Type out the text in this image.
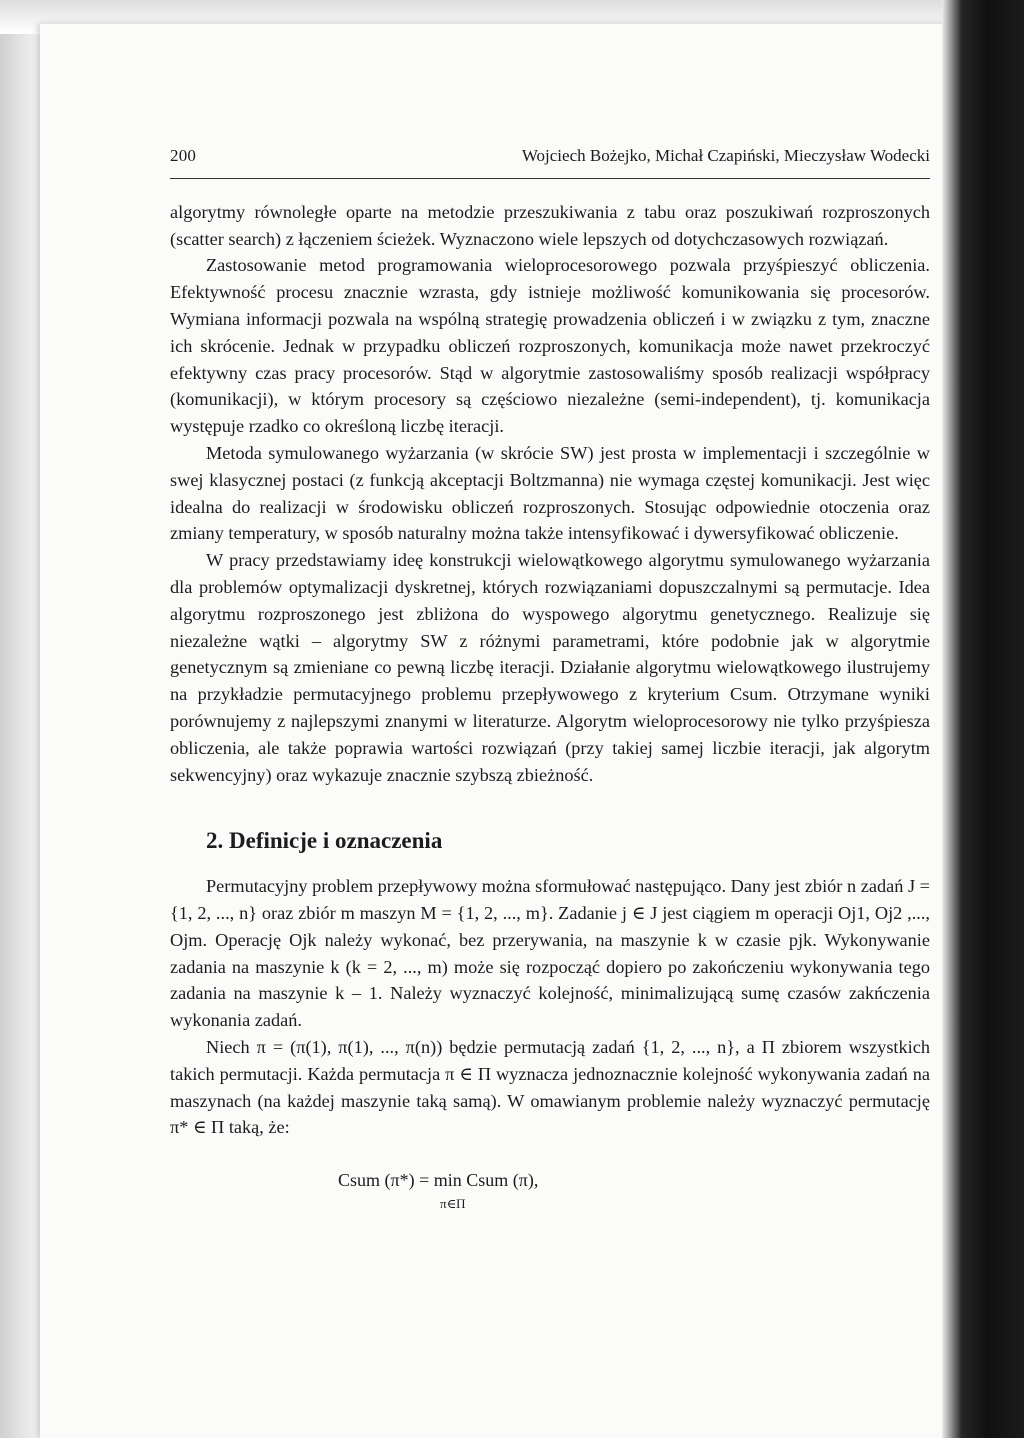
200	Wojciech Bożejko, Michał Czapiński, Mieczysław Wodecki

algorytmy równoległe oparte na metodzie przeszukiwania z tabu oraz poszukiwań rozproszonych (scatter search) z łączeniem ścieżek. Wyznaczono wiele lepszych od dotychczasowych rozwiązań.

Zastosowanie metod programowania wieloprocesorowego pozwala przyśpieszyć obliczenia. Efektywność procesu znacznie wzrasta, gdy istnieje możliwość komunikowania się procesorów. Wymiana informacji pozwala na wspólną strategię prowadzenia obliczeń i w związku z tym, znaczne ich skrócenie. Jednak w przypadku obliczeń rozproszonych, komunikacja może nawet przekroczyć efektywny czas pracy procesorów. Stąd w algorytmie zastosowaliśmy sposób realizacji współpracy (komunikacji), w którym procesory są częściowo niezależne (semi-independent), tj. komunikacja występuje rzadko co określoną liczbę iteracji.

Metoda symulowanego wyżarzania (w skrócie SW) jest prosta w implementacji i szczególnie w swej klasycznej postaci (z funkcją akceptacji Boltzmanna) nie wymaga częstej komunikacji. Jest więc idealna do realizacji w środowisku obliczeń rozproszonych. Stosując odpowiednie otoczenia oraz zmiany temperatury, w sposób naturalny można także intensyfikować i dywersyfikować obliczenie.

W pracy przedstawiamy ideę konstrukcji wielowątkowego algorytmu symulowanego wyżarzania dla problemów optymalizacji dyskretnej, których rozwiązaniami dopuszczalnymi są permutacje. Idea algorytmu rozproszonego jest zbliżona do wyspowego algorytmu genetycznego. Realizuje się niezależne wątki – algorytmy SW z różnymi parametrami, które podobnie jak w algorytmie genetycznym są zmieniane co pewną liczbę iteracji. Działanie algorytmu wielowątkowego ilustrujemy na przykładzie permutacyjnego problemu przepływowego z kryterium Csum. Otrzymane wyniki porównujemy z najlepszymi znanymi w literaturze. Algorytm wieloprocesorowy nie tylko przyśpiesza obliczenia, ale także poprawia wartości rozwiązań (przy takiej samej liczbie iteracji, jak algorytm sekwencyjny) oraz wykazuje znacznie szybszą zbieżność.

2. Definicje i oznaczenia

Permutacyjny problem przepływowy można sformułować następująco. Dany jest zbiór n zadań J = {1, 2, ..., n} oraz zbiór m maszyn M = {1, 2, ..., m}. Zadanie j ∈ J jest ciągiem m operacji Oj1, Oj2 ,..., Ojm. Operację Ojk należy wykonać, bez przerywania, na maszynie k w czasie pjk. Wykonywanie zadania na maszynie k (k = 2, ..., m) może się rozpocząć dopiero po zakończeniu wykonywania tego zadania na maszynie k – 1. Należy wyznaczyć kolejność, minimalizującą sumę czasów zakńczenia wykonania zadań.

Niech π = (π(1), π(1), ..., π(n)) będzie permutacją zadań {1, 2, ..., n}, a Π zbiorem wszystkich takich permutacji. Każda permutacja π ∈ Π wyznacza jednoznacznie kolejność wykonywania zadań na maszynach (na każdej maszynie taką samą). W omawianym problemie należy wyznaczyć permutację π* ∈ Π taką, że:

Csum (π*) = min Csum (π),
π∈Π
